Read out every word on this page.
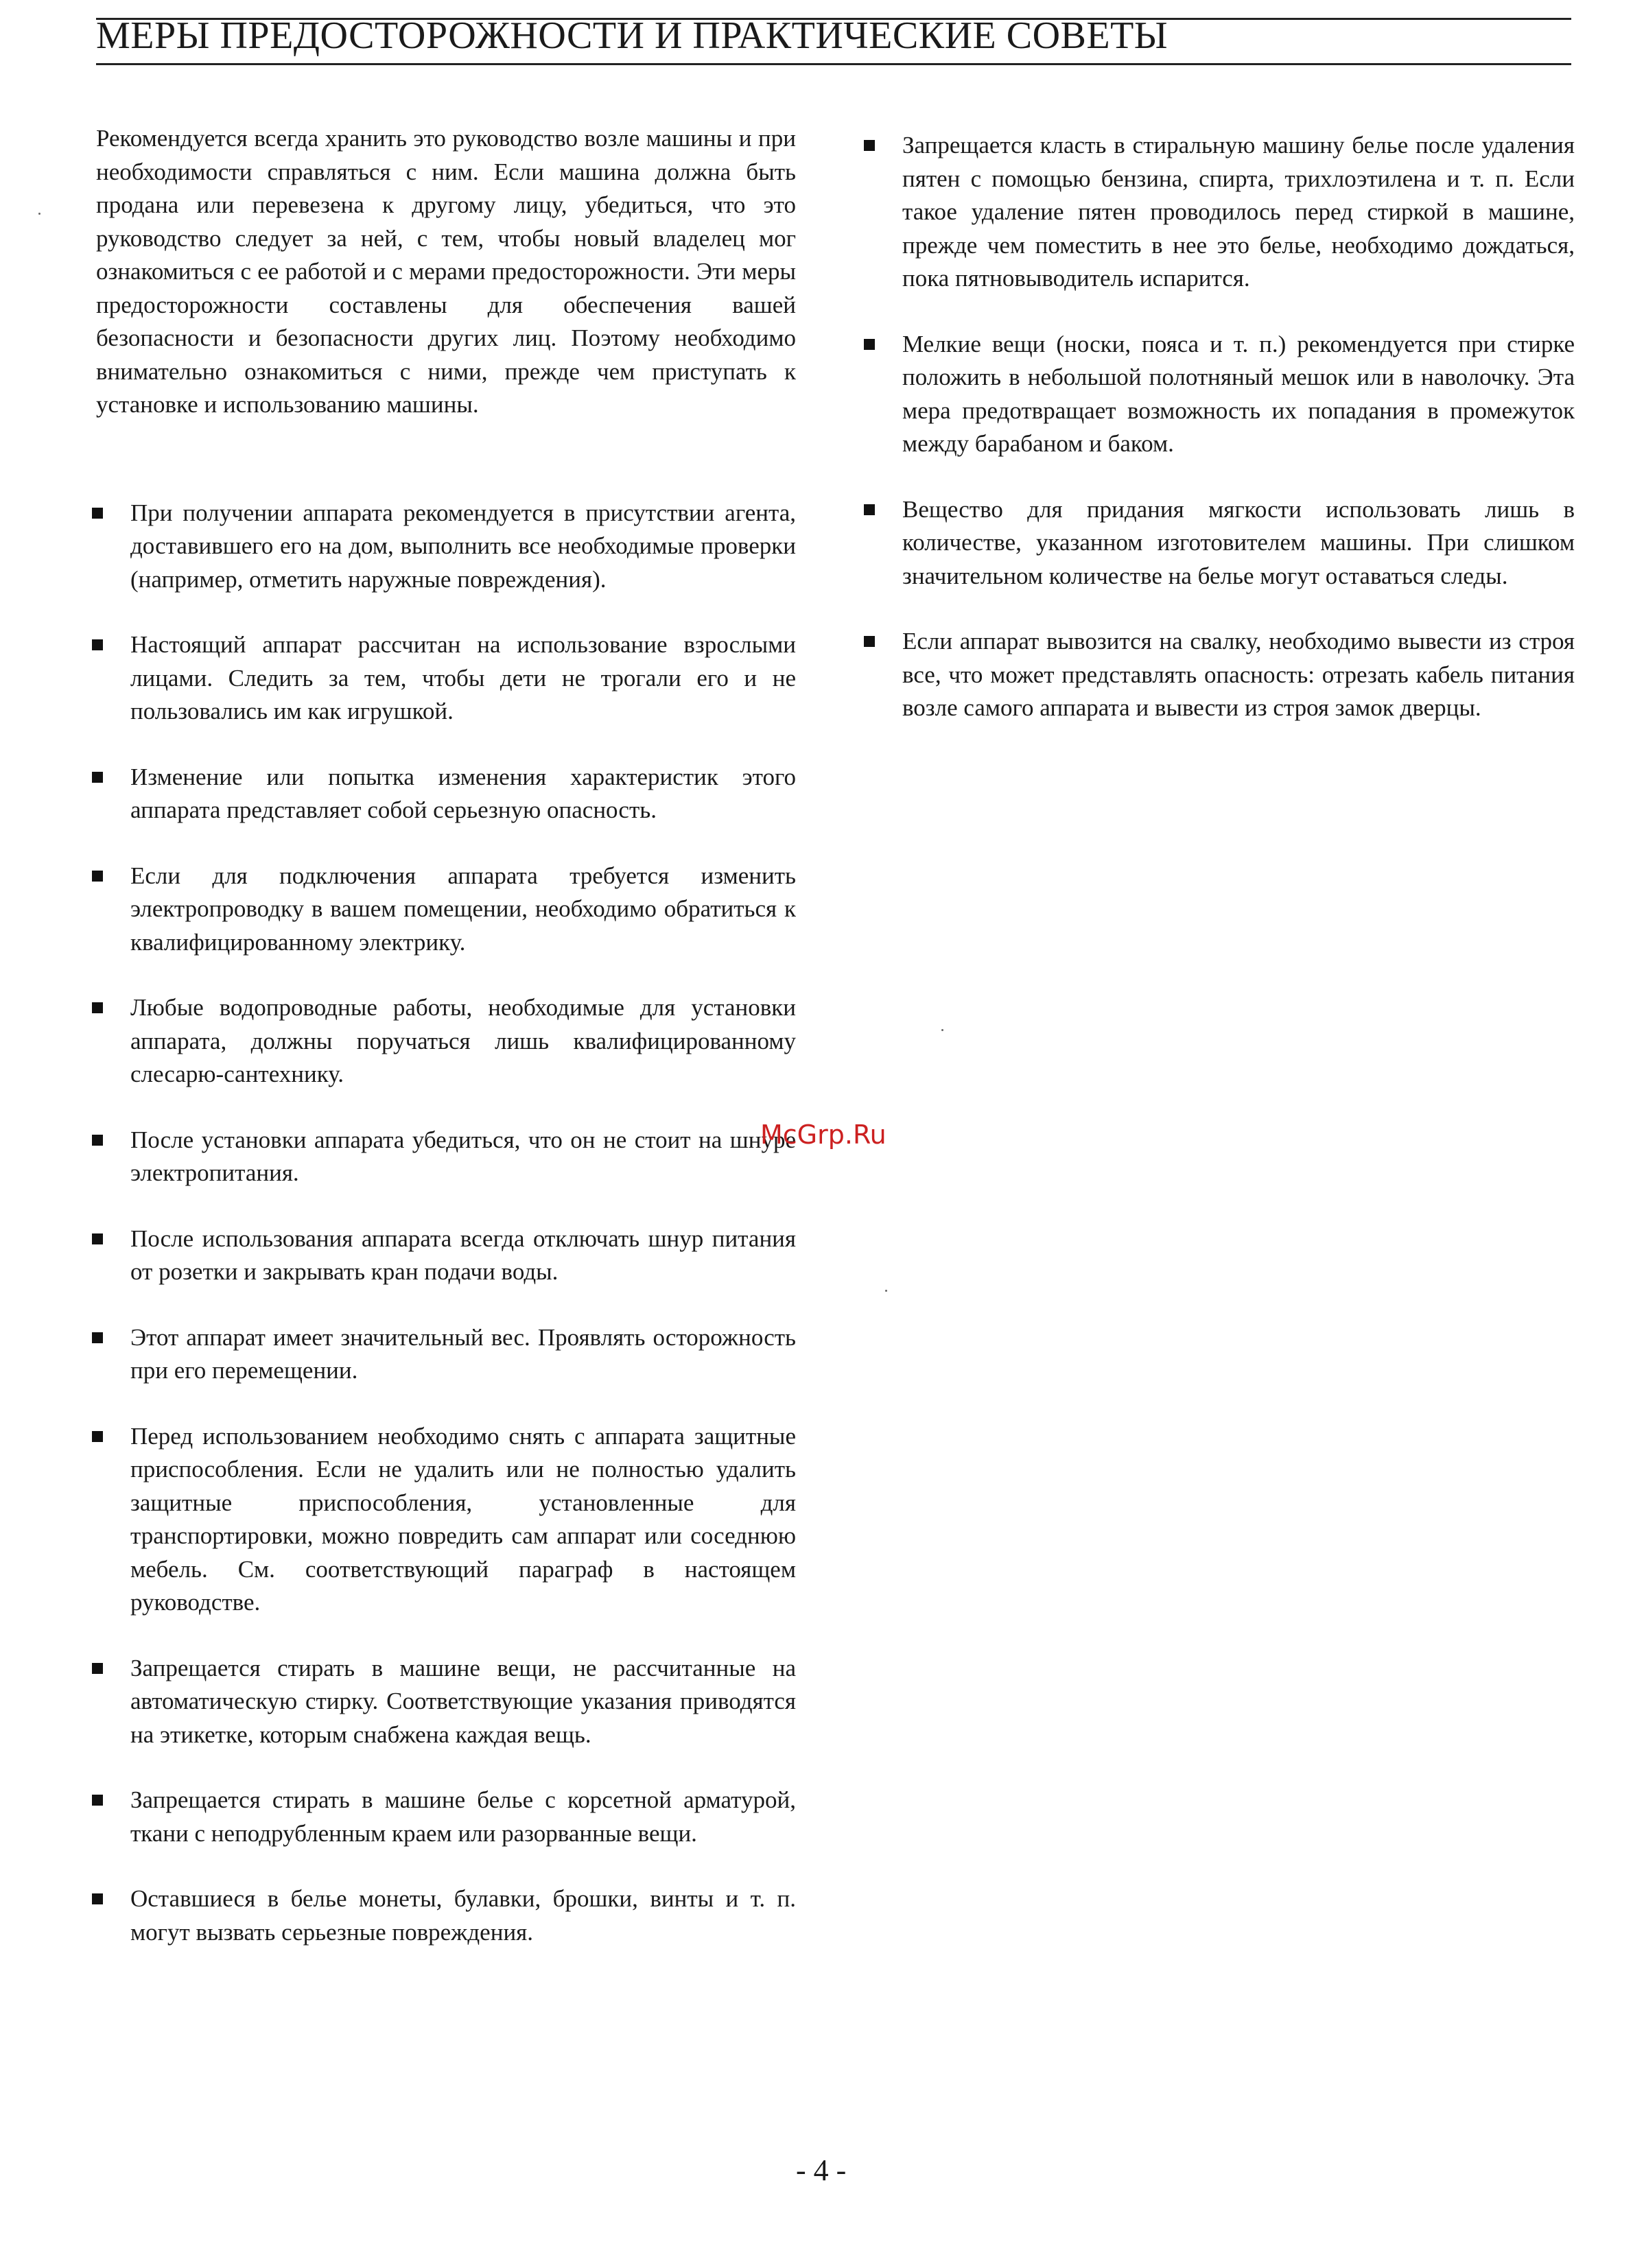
МЕРЫ ПРЕДОСТОРОЖНОСТИ И ПРАКТИЧЕСКИЕ СОВЕТЫ

Рекомендуется всегда хранить это руководство возле машины и при необходимости справляться с ним. Если машина должна быть продана или перевезена к другому лицу, убедиться, что это руководство следует за ней, с тем, чтобы новый владелец мог ознакомиться с ее работой и с мерами предосторожности. Эти меры предосторожности составлены для обеспечения вашей безопасности и безопасности других лиц. Поэтому необходимо внимательно ознакомиться с ними, прежде чем приступать к установке и использованию машины.

При получении аппарата рекомендуется в присутствии агента, доставившего его на дом, выполнить все необходимые проверки (например, отметить наружные повреждения).
Настоящий аппарат рассчитан на использование взрослыми лицами. Следить за тем, чтобы дети не трогали его и не пользовались им как игрушкой.
Изменение или попытка изменения характеристик этого аппарата представляет собой серьезную опасность.
Если для подключения аппарата требуется изменить электропроводку в вашем помещении, необходимо обратиться к квалифицированному электрику.
Любые водопроводные работы, необходимые для установки аппарата, должны поручаться лишь квалифицированному слесарю-сантехнику.
После установки аппарата убедиться, что он не стоит на шнуре электропитания.
После использования аппарата всегда отключать шнур питания от розетки и закрывать кран подачи воды.
Этот аппарат имеет значительный вес. Проявлять осторожность при его перемещении.
Перед использованием необходимо снять с аппарата защитные приспособления. Если не удалить или не полностью удалить защитные приспособления, установленные для транспортировки, можно повредить сам аппарат или соседнюю мебель. См. соответствующий параграф в настоящем руководстве.
Запрещается стирать в машине вещи, не рассчитанные на автоматическую стирку. Соответствующие указания приводятся на этикетке, которым снабжена каждая вещь.
Запрещается стирать в машине белье с корсетной арматурой, ткани с неподрубленным краем или разорванные вещи.
Оставшиеся в белье монеты, булавки, брошки, винты и т. п. могут вызвать серьезные повреждения.
Запрещается класть в стиральную машину белье после удаления пятен с помощью бензина, спирта, трихлоэтилена и т. п. Если такое удаление пятен проводилось перед стиркой в машине, прежде чем поместить в нее это белье, необходимо дождаться, пока пятновыводитель испарится.
Мелкие вещи (носки, пояса и т. п.) рекомендуется при стирке положить в небольшой полотняный мешок или в наволочку. Эта мера предотвращает возможность их попадания в промежуток между барабаном и баком.
Вещество для придания мягкости использовать лишь в количестве, указанном изготовителем машины. При слишком значительном количестве на белье могут оставаться следы.
Если аппарат вывозится на свалку, необходимо вывести из строя все, что может представлять опасность: отрезать кабель питания возле самого аппарата и вывести из строя замок дверцы.
McGrp.Ru
- 4 -
